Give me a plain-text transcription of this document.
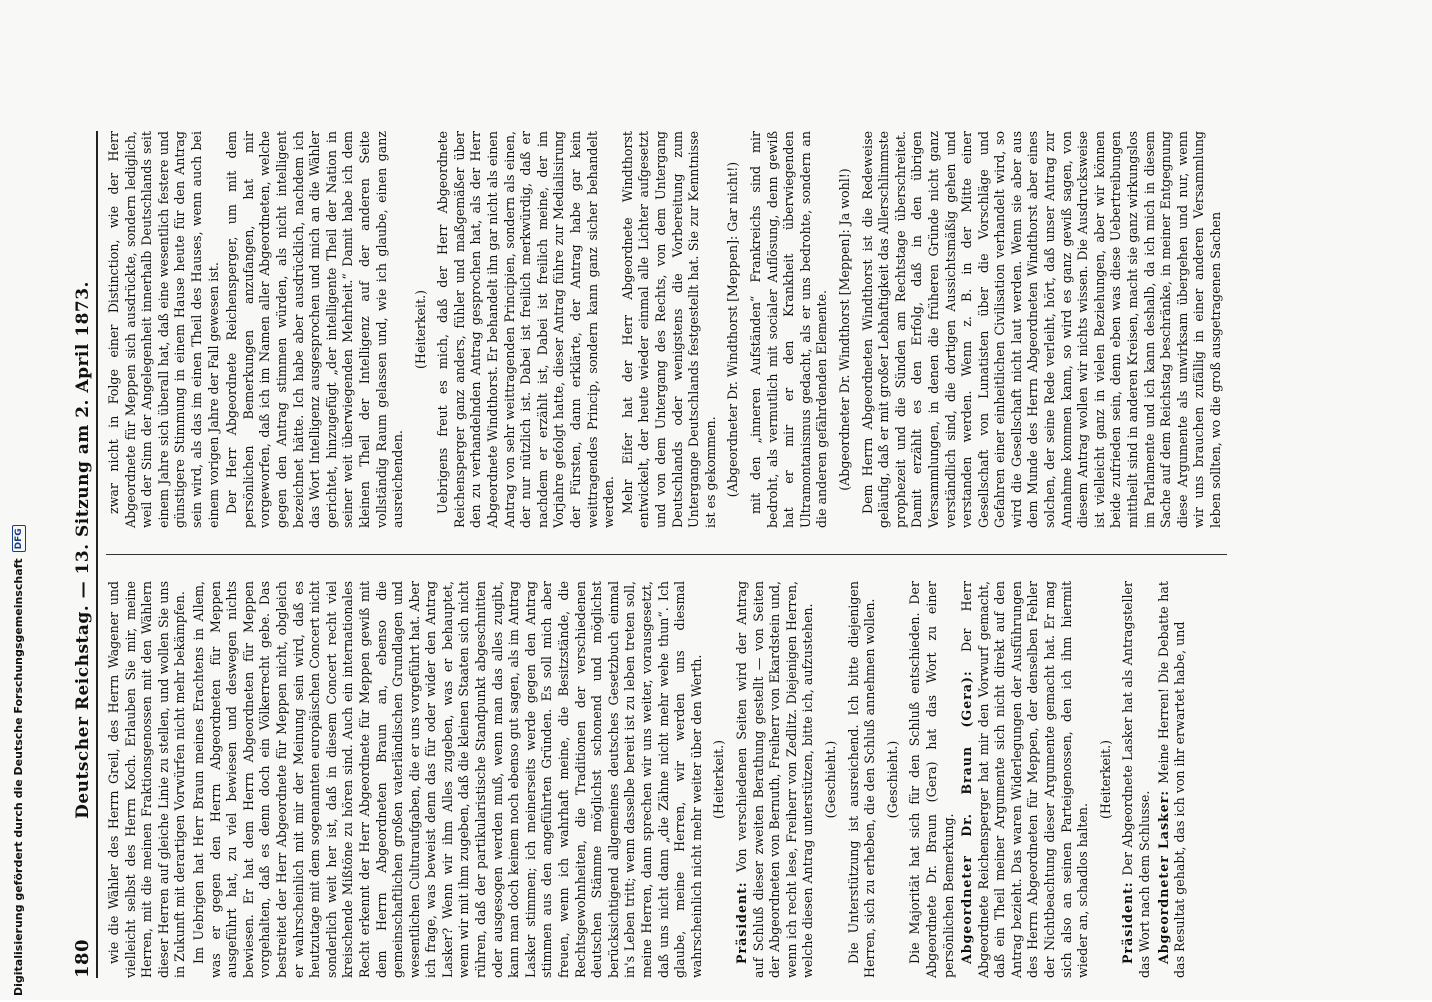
180
Deutscher Reichstag. — 13. Sitzung am 2. April 1873. wie die Wähler des Herrn Greil, des Herrn Wagener und vielleicht selbst des Herrn Koch. Erlauben Sie mir, meine Herren, mit die meinen Fraktionsgenossen mit den Wählern dieser Herren auf gleiche Linie zu stellen, und wollen Sie uns in Zukunft mit derartigen Vorwürfen nicht mehr bekämpfen. Im Uebrigen hat Herr Braun meines Erachtens in Allem, was er gegen den Herrn Abgeordneten für Meppen ausgeführt hat, zu viel bewiesen und deswegen nichts bewiesen. Er hat dem Herrn Abgeordneten für Meppen vorgehalten, daß es denn doch ein Völkerrecht gebe. Das bestreitet der Herr Abgeordnete für Meppen nicht, obgleich er wahrscheinlich mit mir der Meinung sein wird, daß es heutzutage mit dem sogenannten europäischen Concert nicht sonderlich weit her ist, daß in diesem Concert recht viel kreischende Mißtöne zu hören sind. Auch ein internationales Recht erkennt der Herr Abgeordnete für Meppen gewiß mit dem Herrn Abgeordneten Braun an, ebenso die gemeinschaftlichen großen vaterländischen Grundlagen und wesentlichen Culturaufgaben, die er uns vorgeführt hat. Aber ich frage, was beweist denn das für oder wider den Antrag Lasker? Wenn wir ihm Alles zugeben, was er behauptet, wenn wir mit ihm zugeben, daß die kleinen Staaten sich nicht rühren, daß der partikularistische Standpunkt abgeschnitten oder ausgesogen werden muß, wenn man das alles zugibt, kann man doch keinem noch ebenso gut sagen, als im Antrag Lasker stimmen; ich meinerseits werde gegen den Antrag stimmen aus den angeführten Gründen. Es soll mich aber freuen, wenn ich wahrhaft meine, die Besitzstände, die Rechtsgewohnheiten, die Traditionen der verschiedenen deutschen Stämme möglichst schonend und möglichst berücksichtigend allgemeines deutsches Gesetzbuch einmal in's Leben tritt; wenn dasselbe bereit ist zu leben treten soll, meine Herren, dann sprechen wir uns weiter, vorausgesetzt, daß uns nicht dann „die Zähne nicht mehr wehe thun“. Ich glaube, meine Herren, wir werden uns diesmal wahrscheinlich nicht mehr weiter über den Werth. (Heiterkeit.)

Präsident: Von verschiedenen Seiten wird der Antrag auf Schluß dieser zweiten Berathung gestellt — von Seiten der Abgeordneten von Bernuth, Freiherr von Ekardstein und, wenn ich recht lese, Freiherr von Zedlitz. Diejenigen Herren, welche diesen Antrag unterstützen, bitte ich, aufzustehen. (Geschieht.) Die Unterstützung ist ausreichend. Ich bitte diejenigen Herren, sich zu erheben, die den Schluß annehmen wollen. (Geschieht.) Die Majorität hat sich für den Schluß entschieden. Der Abgeordnete Dr. Braun (Gera) hat das Wort zu einer persönlichen Bemerkung. Abgeordneter Dr. Braun (Gera): Der Herr Abgeordnete Reichensperger hat mir den Vorwurf gemacht, daß ein Theil meiner Argumente sich nicht direkt auf den Antrag bezieht. Das waren Widerlegungen der Ausführungen des Herrn Abgeordneten für Meppen, der denselben Fehler der Nichtbeachtung dieser Argumente gemacht hat. Er mag sich also an seinen Parteigenossen, den ich ihm hiermit wieder an, schadlos halten.

(Heiterkeit.)

Präsident: Der Abgeordnete Lasker hat als Antragsteller das Wort nach dem Schlusse. Abgeordneter Lasker: Meine Herren! Die Debatte hat das Resultat gehabt, das ich von ihr erwartet habe, und

zwar nicht in Folge einer Distinction, wie der Herr Abgeordnete für Meppen sich ausdrückte, sondern lediglich, weil der Sinn der Angelegenheit innerhalb Deutschlands seit einem Jahre sich überall hat, daß eine wesentlich festere und günstigere Stimmung in einem Hause heute für den Antrag sein wird, als das im einen Theil des Hauses, wenn auch bei einem vorigen Jahre der Fall gewesen ist. Der Herr Abgeordnete Reichensperger, um mit dem persönlichen Bemerkungen anzufangen, hat mir vorgeworfen, daß ich im Namen aller Abgeordneten, welche gegen den Antrag stimmen würden, als nicht intelligent bezeichnet hätte. Ich habe aber ausdrücklich, nachdem ich das Wort Intelligenz ausgesprochen und mich an die Wähler gerichtet, hinzugefügt „der intelligente Theil der Nation in seiner weit überwiegenden Mehrheit.“ Damit habe ich dem kleinen Theil der Intelligenz auf der anderen Seite vollständig Raum gelassen und, wie ich glaube, einen ganz ausreichenden.

(Heiterkeit.) Uebrigens freut es mich, daß der Herr Abgeordnete Reichensperger ganz anders, fühler und maßgemäßer über den zu verhandelnden Antrag gesprochen hat, als der Herr Abgeordnete Windthorst. Er behandelt ihn gar nicht als einen Antrag von sehr weittragenden Principien, sondern als einen, der nur nützlich ist. Dabei ist freilich merkwürdig, daß er nachdem er erzählt ist, Dabei ist freilich meine, der im Vorjahre gefolgt hatte, dieser Antrag führe zur Medialisirung der Fürsten, dann erklärte, der Antrag habe gar kein weittragendes Princip, sondern kann ganz sicher behandelt werden. Mehr Eifer hat der Herr Abgeordnete Windthorst entwickelt, der heute wieder einmal alle Lichter aufgesetzt und von dem Untergang des Rechts, von dem Untergang Deutschlands oder wenigstens die Vorbereitung zum Untergange Deutschlands festgestellt hat. Sie zur Kenntnisse ist es gekommen. (Abgeordneter Dr. Windthorst [Meppen]: Gar nicht!) mit den „inneren Aufständen“ Frankreichs sind mir bedroht, als vermutlich mit socialer Auflösung, denn gewiß hat er mir er den Krankheit überwiegenden Ultramontanismus gedacht, als er uns bedrohte, sondern an die anderen gefährdenden Elemente. (Abgeordneter Dr. Windthorst [Meppen]: Ja wohl!) Dem Herrn Abgeordneten Windthorst ist die Redeweise geläufig, daß er mit großer Lebhaftigkeit das Allerschlimmste prophezeit und die Sünden am Rechtstage überschreitet. Damit erzählt es den Erfolg, daß in den übrigen Versammlungen, in denen die früheren Gründe nicht ganz verständlich sind, die dortigen Aussichtsmäßig gehen und verstanden werden. Wenn z. B. in der Mitte einer Gesellschaft von Lunatisten über die Vorschläge und Gefahren einer einheitlichen Civilisation verhandelt wird, so wird die Gesellschaft nicht laut werden. Wenn sie aber aus dem Munde des Herrn Abgeordneten Windthorst aber eines solchen, der seine Rede verleiht, hört, daß unser Antrag zur Annahme kommen kann, so wird es ganz gewiß sagen, von diesem Antrag wollen wir nichts wissen. Die Ausdrucksweise ist vielleicht ganz in vielen Beziehungen, aber wir können beide zufrieden sein, denn eben was diese Uebertreibungen mittheilt sind in anderen Kreisen, macht sie ganz wirkungslos im Parlamente und ich kann deshalb, da ich mich in diesem Sache auf dem Reichstag beschränke, in meiner Entgegnung diese Argumente als unwirksam übergehen und nur, wenn wir uns brauchen zufällig in einer anderen Versammlung leben sollten, wo die groß ausgetragenen Sachen

Digitalisierung gefördert durch die Deutsche Forschungsgemeinschaft
DFG
